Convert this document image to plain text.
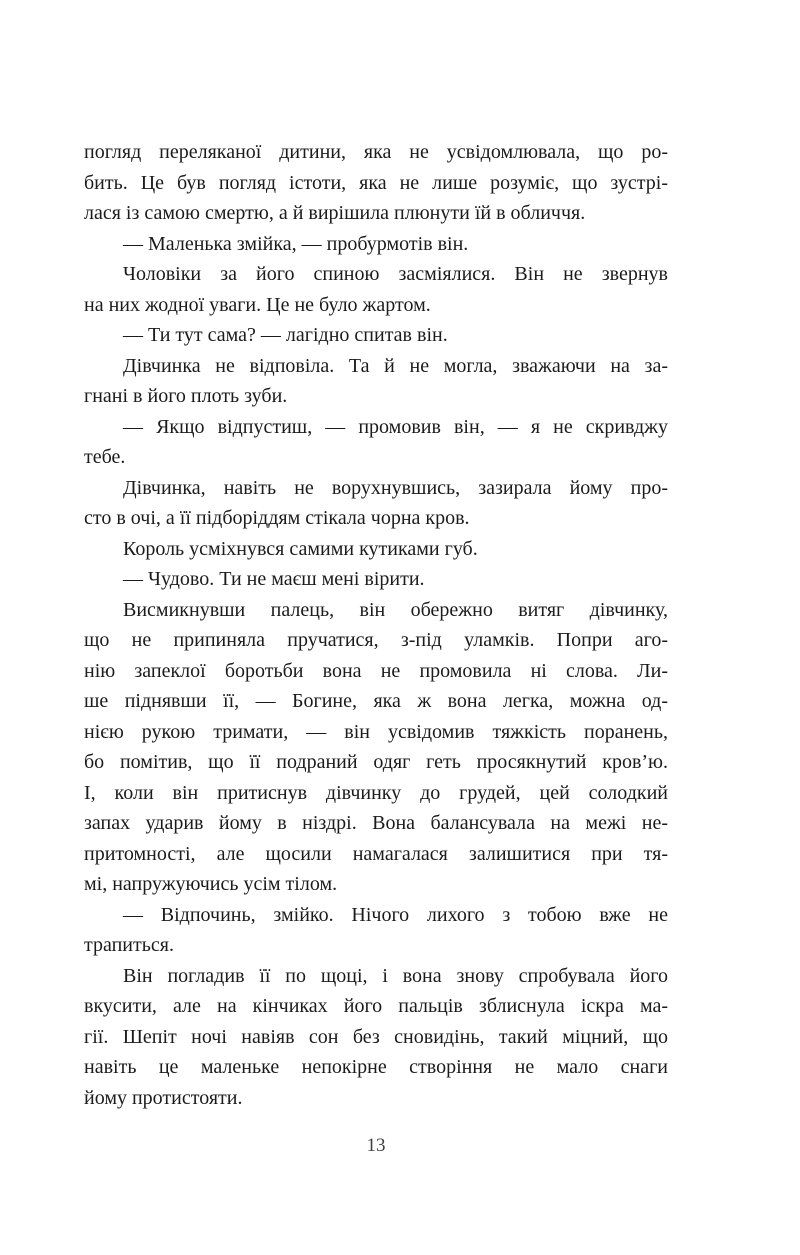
погляд переляканої дитини, яка не усвідомлювала, що ро-
бить. Це був погляд істоти, яка не лише розуміє, що зустрі-
лася із самою смертю, а й вирішила плюнути їй в обличчя.
— Маленька змійка, — пробурмотів він.
Чоловіки за його спиною засміялися. Він не звернув
на них жодної уваги. Це не було жартом.
— Ти тут сама? — лагідно спитав він.
Дівчинка не відповіла. Та й не могла, зважаючи на за-
гнані в його плоть зуби.
— Якщо відпустиш, — промовив він, — я не скривджу
тебе.
Дівчинка, навіть не ворухнувшись, зазирала йому про-
сто в очі, а її підборіддям стікала чорна кров.
Король усміхнувся самими кутиками губ.
— Чудово. Ти не маєш мені вірити.
Висмикнувши палець, він обережно витяг дівчинку,
що не припиняла пручатися, з-під уламків. Попри аго-
нію запеклої боротьби вона не промовила ні слова. Ли-
ше піднявши її, — Богине, яка ж вона легка, можна од-
нією рукою тримати, — він усвідомив тяжкість поранень,
бо помітив, що її подраний одяг геть просякнутий кров’ю.
І, коли він притиснув дівчинку до грудей, цей солодкий
запах ударив йому в ніздрі. Вона балансувала на межі не-
притомності, але щосили намагалася залишитися при тя-
мі, напружуючись усім тілом.
— Відпочинь, змійко. Нічого лихого з тобою вже не
трапиться.
Він погладив її по щоці, і вона знову спробувала його
вкусити, але на кінчиках його пальців зблиснула іскра ма-
гії. Шепіт ночі навіяв сон без сновидінь, такий міцний, що
навіть це маленьке непокірне створіння не мало снаги
йому протистояти.
13
